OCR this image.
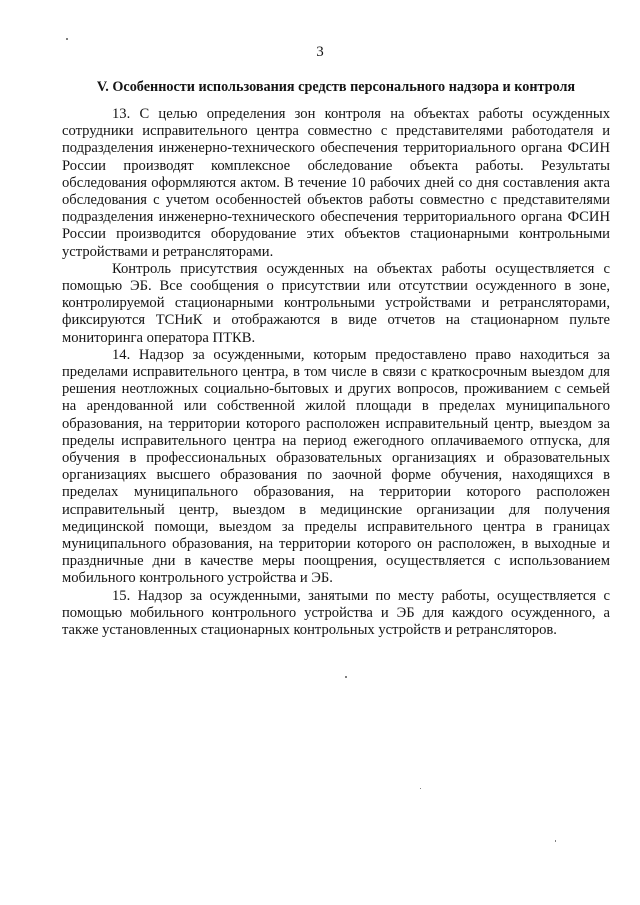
3
V. Особенности использования средств персонального надзора и контроля

13. С целью определения зон контроля на объектах работы осужденных сотрудники исправительного центра совместно с представителями работодателя и подразделения инженерно-технического обеспечения территориального органа ФСИН России производят комплексное обследование объекта работы. Результаты обследования оформляются актом. В течение 10 рабочих дней со дня составления акта обследования с учетом особенностей объектов работы совместно с представителями подразделения инженерно-технического обеспечения территориального органа ФСИН России производится оборудование этих объектов стационарными контрольными устройствами и ретрансляторами.

Контроль присутствия осужденных на объектах работы осуществляется с помощью ЭБ. Все сообщения о присутствии или отсутствии осужденного в зоне, контролируемой стационарными контрольными устройствами и ретрансляторами, фиксируются ТСНиК и отображаются в виде отчетов на стационарном пульте мониторинга оператора ПТКВ.

14. Надзор за осужденными, которым предоставлено право находиться за пределами исправительного центра, в том числе в связи с краткосрочным выездом для решения неотложных социально-бытовых и других вопросов, проживанием с семьей на арендованной или собственной жилой площади в пределах муниципального образования, на территории которого расположен исправительный центр, выездом за пределы исправительного центра на период ежегодного оплачиваемого отпуска, для обучения в профессиональных образовательных организациях и образовательных организациях высшего образования по заочной форме обучения, находящихся в пределах муниципального образования, на территории которого расположен исправительный центр, выездом в медицинские организации для получения медицинской помощи, выездом за пределы исправительного центра в границах муниципального образования, на территории которого он расположен, в выходные и праздничные дни в качестве меры поощрения, осуществляется с использованием мобильного контрольного устройства и ЭБ.

15. Надзор за осужденными, занятыми по месту работы, осуществляется с помощью мобильного контрольного устройства и ЭБ для каждого осужденного, а также установленных стационарных контрольных устройств и ретрансляторов.
